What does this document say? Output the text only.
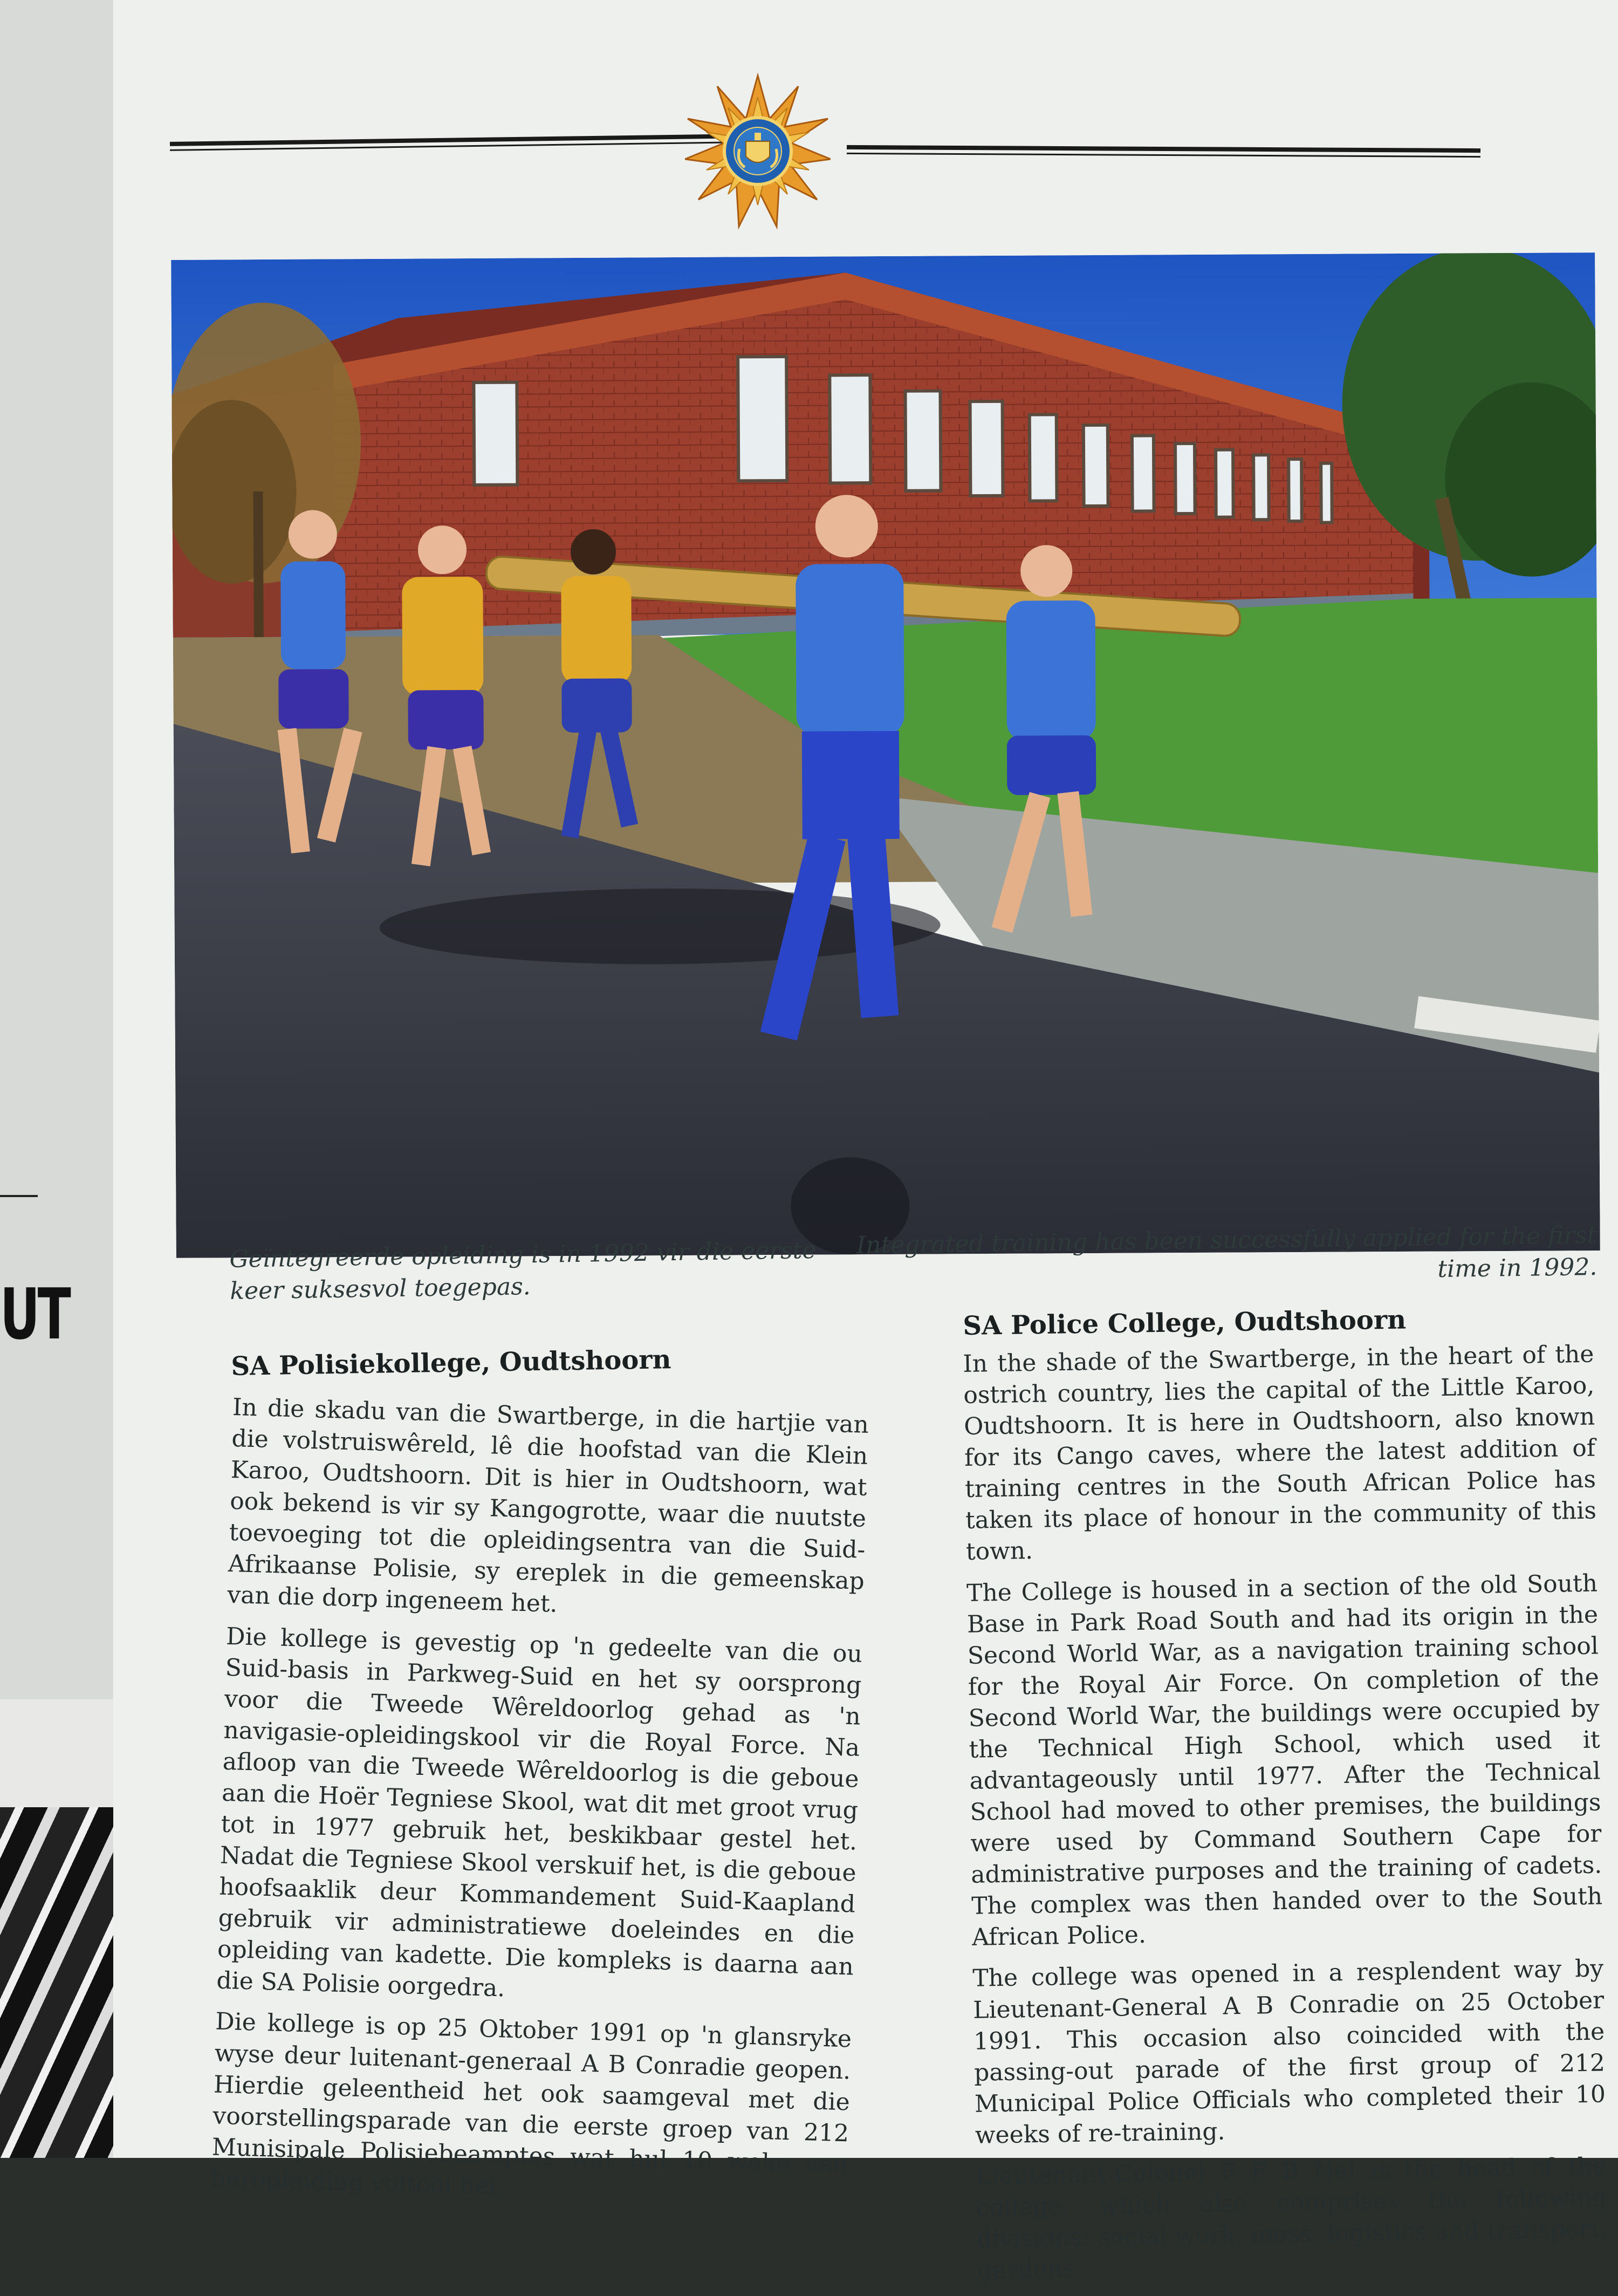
UT

Geïntegreerde opleiding is in 1992 vir die eerste keer suksesvol toegepas.
Integrated training has been successfully applied for the first time in 1992.
SA Polisiekollege, Oudtshoorn
SA Police College, Oudtshoorn

In die skadu van die Swartberge, in die hartjie van die volstruiswêreld, lê die hoofstad van die Klein Karoo, Oudtshoorn. Dit is hier in Oudtshoorn, wat ook bekend is vir sy Kangogrotte, waar die nuutste toevoeging tot die opleidingsentra van die Suid-Afrikaanse Polisie, sy ereplek in die gemeenskap van die dorp ingeneem het.

Die kollege is gevestig op 'n gedeelte van die ou Suid-basis in Parkweg-Suid en het sy oorsprong voor die Tweede Wêreldoorlog gehad as 'n navigasie-opleidingskool vir die Royal Force. Na afloop van die Tweede Wêreldoorlog is die geboue aan die Hoër Tegniese Skool, wat dit met groot vrug tot in 1977 gebruik het, beskikbaar gestel het. Nadat die Tegniese Skool verskuif het, is die geboue hoofsaaklik deur Kommandement Suid-Kaapland gebruik vir administratiewe doeleindes en die opleiding van kadette. Die kompleks is daarna aan die SA Polisie oorgedra.

Die kollege is op 25 Oktober 1991 op 'n glansryke wyse deur luitenant-generaal A B Conradie geopen. Hierdie geleentheid het ook saamgeval met die voorstellingsparade van die eerste groep van 212 Munisipale Polisiebeamptes wat hul 10 weke van heropleiding voltooi het.

In the shade of the Swartberge, in the heart of the ostrich country, lies the capital of the Little Karoo, Oudtshoorn. It is here in Oudtshoorn, also known for its Cango caves, where the latest addition of training centres in the South African Police has taken its place of honour in the community of this town.

The College is housed in a section of the old South Base in Park Road South and had its origin in the Second World War, as a navigation training school for the Royal Air Force. On completion of the Second World War, the buildings were occupied by the Technical High School, which used it advantageously until 1977. After the Technical School had moved to other premises, the buildings were used by Command Southern Cape for administrative purposes and the training of cadets. The complex was then handed over to the South African Police.

The college was opened in a resplendent way by Lieutenant-General A B Conradie on 25 October 1991. This occasion also coincided with the passing-out parade of the first group of 212 Municipal Police Officials who completed their 10 weeks of re-training.

Lieutenant-Colonel F F B Nel is the head of the college, which also comprises the following divisions: social work, mess, logistics and transport, gardens
